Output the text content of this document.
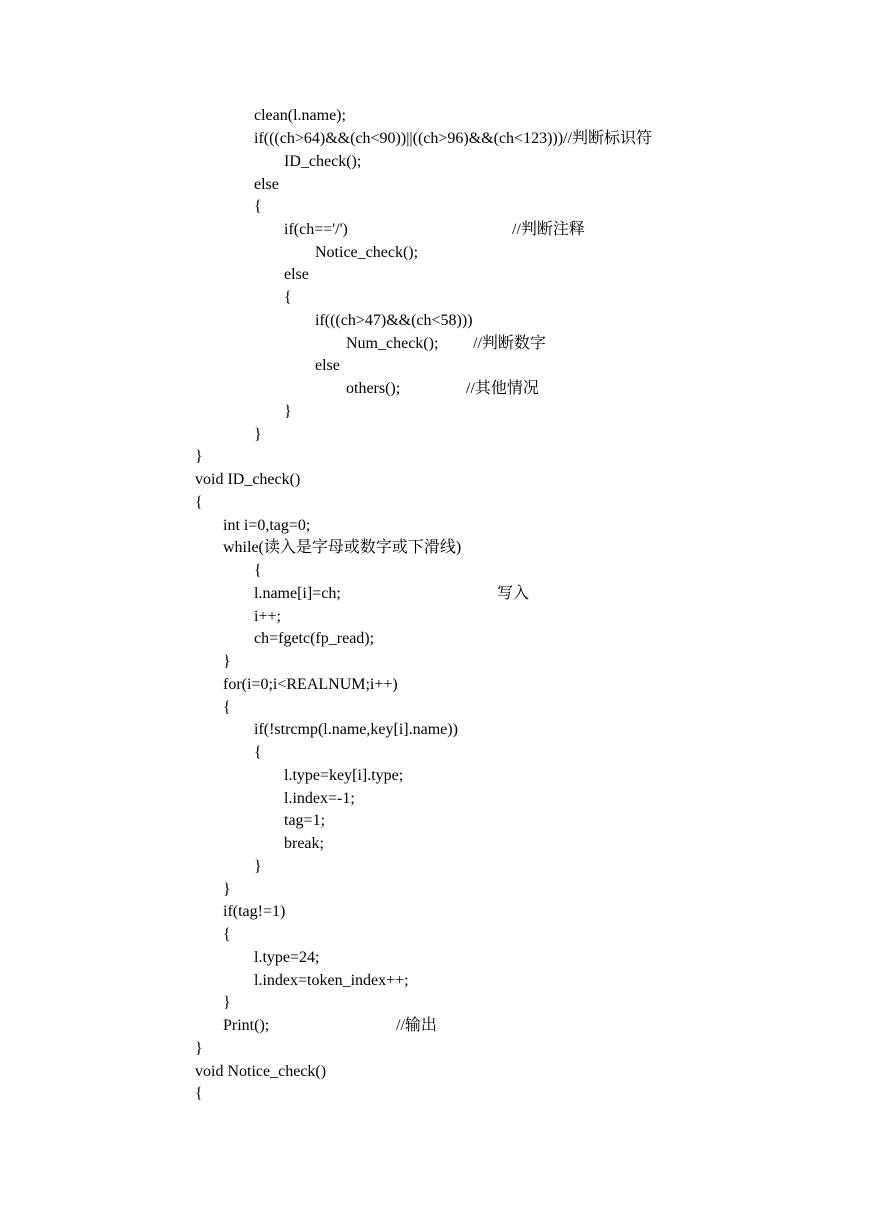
clean(l.name);
if(((ch>64)&&(ch<90))||((ch>96)&&(ch<123)))//判断标识符
ID_check();
else
{
if(ch=='/')	//判断注释
Notice_check();
else
{
if(((ch>47)&&(ch<58)))
Num_check(); //判断数字
else
others();	//其他情况
}
}
}
void ID_check()
{
int i=0,tag=0;
while(读入是字母或数字或下滑线)
{
l.name[i]=ch;	写入
i++;
ch=fgetc(fp_read);
}
for(i=0;i<REALNUM;i++)
{
if(!strcmp(l.name,key[i].name))
{
l.type=key[i].type;
l.index=-1;
tag=1;
break;
}
}
if(tag!=1)
{
l.type=24;
l.index=token_index++;
}
Print();	//输出
}
void Notice_check()
{
